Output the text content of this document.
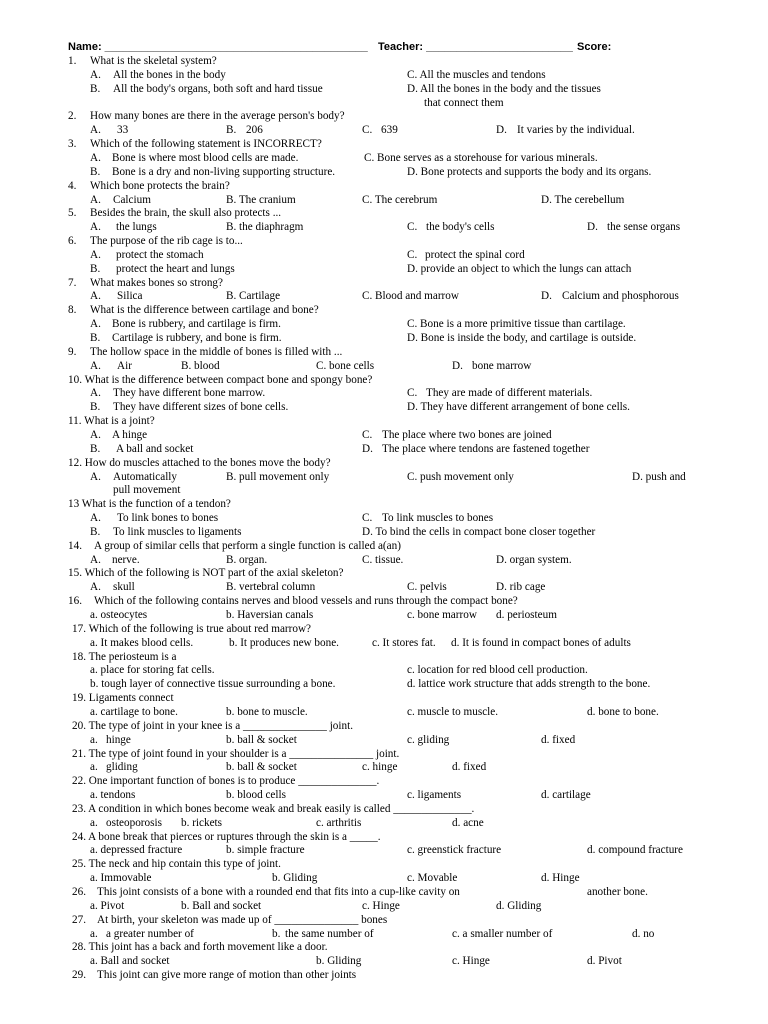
Name: ___________________________________________ Teacher: ________________________ Score:
1. What is the skeletal system?
A. All the bones in the body	C. All the muscles and tendons
B. All the body's organs, both soft and hard tissue	D. All the bones in the body and the tissues
that connect them
2. How many bones are there in the average person's body?
A. 33	B. 206	C. 639	D. It varies by the individual.
3. Which of the following statement is INCORRECT?
A. Bone is where most blood cells are made.	C. Bone serves as a storehouse for various minerals.
B. Bone is a dry and non-living supporting structure.	D. Bone protects and supports the body and its organs.
4. Which bone protects the brain?
A. Calcium	B. The cranium	C. The cerebrum	D. The cerebellum
5. Besides the brain, the skull also protects ...
A. the lungs	B. the diaphragm	C. the body's cells	D. the sense organs
6. The purpose of the rib cage is to...
A. protect the stomach	C. protect the spinal cord
B. protect the heart and lungs	D. provide an object to which the lungs can attach
7. What makes bones so strong?
A. Silica	B. Cartilage	C. Blood and marrow	D. Calcium and phosphorous
8. What is the difference between cartilage and bone?
A. Bone is rubbery, and cartilage is firm.	C. Bone is a more primitive tissue than cartilage.
B. Cartilage is rubbery, and bone is firm.	D. Bone is inside the body, and cartilage is outside.
9. The hollow space in the middle of bones is filled with ...
A. Air	B. blood	C. bone cells	D. bone marrow
10. What is the difference between compact bone and spongy bone?
A. They have different bone marrow.	C. They are made of different materials.
B. They have different sizes of bone cells.	D. They have different arrangement of bone cells.
11. What is a joint?
A. A hinge	C. The place where two bones are joined
B. A ball and socket	D. The place where tendons are fastened together
12. How do muscles attached to the bones move the body?
A. Automatically	B. pull movement only	C. push movement only	D. push and
pull movement
13 What is the function of a tendon?
A. To link bones to bones	C. To link muscles to bones
B. To link muscles to ligaments	D. To bind the cells in compact bone closer together
14. A group of similar cells that perform a single function is called a(an)
A. nerve.	B. organ.	C. tissue.	D. organ system.
15. Which of the following is NOT part of the axial skeleton?
A. skull	B. vertebral column	C. pelvis	D. rib cage
16. Which of the following contains nerves and blood vessels and runs through the compact bone?
a. osteocytes	b. Haversian canals	c. bone marrow d. periosteum
17. Which of the following is true about red marrow?
a. It makes blood cells.	b. It produces new bone.	c. It stores fat. d. It is found in compact bones of adults
18. The periosteum is a
a. place for storing fat cells.	c. location for red blood cell production.
b. tough layer of connective tissue surrounding a bone.	d. lattice work structure that adds strength to the bone.
19. Ligaments connect
a. cartilage to bone.	b. bone to muscle.	c. muscle to muscle.	d. bone to bone.
20. The type of joint in your knee is a _______________ joint.
a. hinge	b. ball & socket	c. gliding	d. fixed
21. The type of joint found in your shoulder is a _______________ joint.
a. gliding	b. ball & socket	c. hinge	d. fixed
22. One important function of bones is to produce ______________.
a. tendons	b. blood cells	c. ligaments	d. cartilage
23. A condition in which bones become weak and break easily is called ______________.
a. osteoporosis b. rickets	c. arthritis	d. acne
24. A bone break that pierces or ruptures through the skin is a _____.
a. depressed fracture	b. simple fracture	c. greenstick fracture	d. compound fracture
25. The neck and hip contain this type of joint.
a. Immovable	b. Gliding	c. Movable	d. Hinge
26. This joint consists of a bone with a rounded end that fits into a cup-like cavity on	another bone.
a. Pivot	b. Ball and socket	c. Hinge	d. Gliding
27. At birth, your skeleton was made up of _______________ bones
a. a greater number of	b. the same number of	c. a smaller number of	d. no
28. This joint has a back and forth movement like a door.
a. Ball and socket	b. Gliding	c. Hinge	d. Pivot
29. This joint can give more range of motion than other joints
